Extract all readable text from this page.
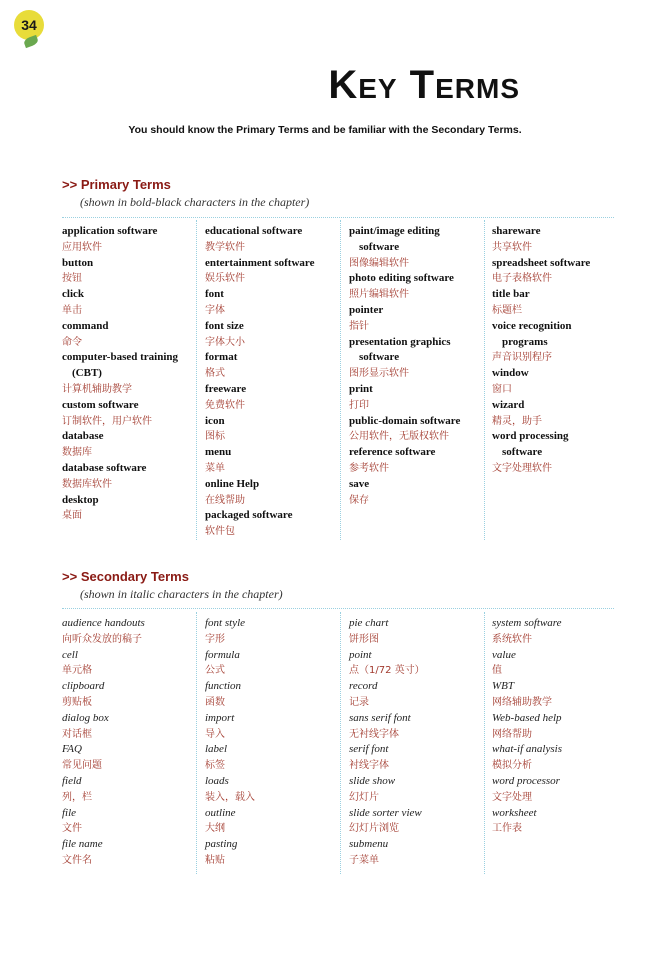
34
Key Terms
You should know the Primary Terms and be familiar with the Secondary Terms.
>> Primary Terms
(shown in bold-black characters in the chapter)
application software
应用软件
button
按钮
click
单击
command
命令
computer-based training
(CBT)
计算机辅助教学
custom software
订制软件，用户软件
database
数据库
database software
数据库软件
desktop
桌面
educational software
教学软件
entertainment software
娱乐软件
font
字体
font size
字体大小
format
格式
freeware
免费软件
icon
图标
menu
菜单
online Help
在线帮助
packaged software
软件包
paint/image editing
software
图像编辑软件
photo editing software
照片编辑软件
pointer
指针
presentation graphics
software
图形显示软件
print
打印
public-domain software
公用软件，无版权软件
reference software
参考软件
save
保存
shareware
共享软件
spreadsheet software
电子表格软件
title bar
标题栏
voice recognition
programs
声音识别程序
window
窗口
wizard
精灵，助手
word processing
software
文字处理软件
>> Secondary Terms
(shown in italic characters in the chapter)
audience handouts
向听众发放的稿子
cell
单元格
clipboard
剪贴板
dialog box
对话框
FAQ
常见问题
field
列，栏
file
文件
file name
文件名
font style
字形
formula
公式
function
函数
import
导入
label
标签
loads
装入，载入
outline
大纲
pasting
粘贴
pie chart
饼形图
point
点（1/72 英寸）
record
记录
sans serif font
无衬线字体
serif font
衬线字体
slide show
幻灯片
slide sorter view
幻灯片浏览
submenu
子菜单
system software
系统软件
value
值
WBT
网络辅助教学
Web-based help
网络帮助
what-if analysis
模拟分析
word processor
文字处理
worksheet
工作表
